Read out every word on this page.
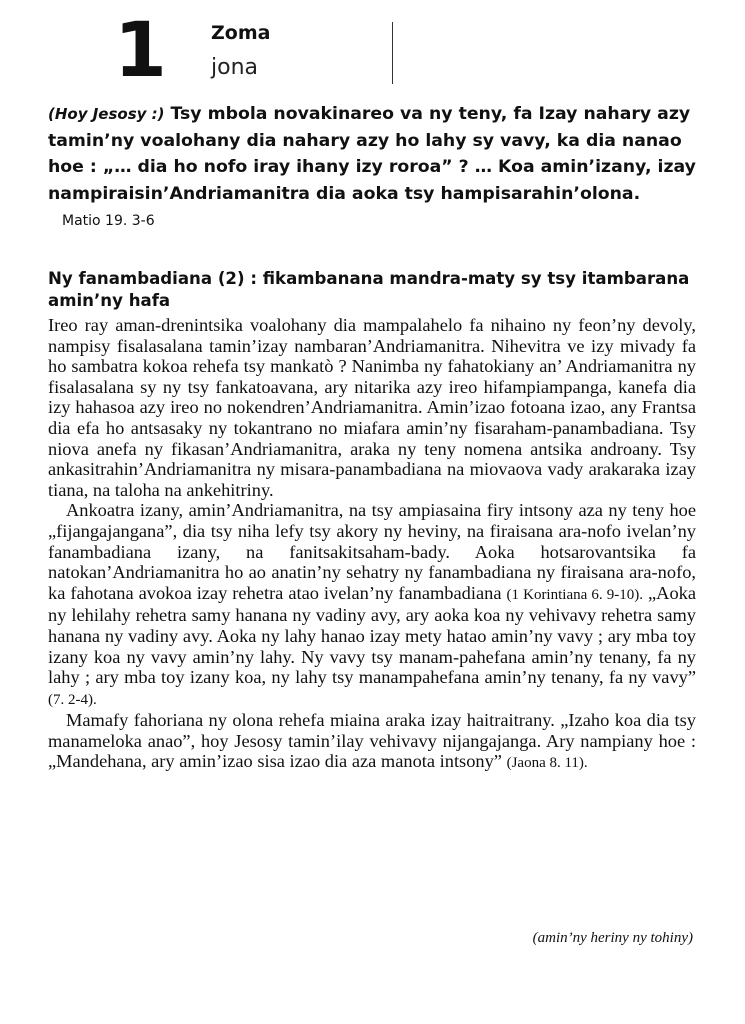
1 Zoma
jona
(Hoy Jesosy :) Tsy mbola novakinareo va ny teny, fa Izay nahary azy tamin’ny voalohany dia nahary azy ho lahy sy vavy, ka dia nanao hoe : „… dia ho nofo iray ihany izy roroa” ? … Koa amin’izany, izay nampiraisin’Andriamanitra dia aoka tsy hampisarahin’olona. Matio 19. 3-6
Ny fanambadiana (2) : fikambanana mandra-maty sy tsy itambarana amin’ny hafa

Ireo ray aman-drenintsika voalohany dia mampalahelo fa nihaino ny feon’ny devoly, nampisy fisalasalana tamin’izay nambaran’Andriamanitra. Nihevitra ve izy mivady fa ho sambatra kokoa rehefa tsy mankatò ? Nanimba ny fahatokiany an’ Andriamanitra ny fisalasalana sy ny tsy fankatoavana, ary nitarika azy ireo hifampiampanga, kanefa dia izy hahasoa azy ireo no nokendren’Andriamanitra. Amin’izao fotoana izao, any Frantsa dia efa ho antsasaky ny tokantrano no miafara amin’ny fisaraham-panambadiana. Tsy niova anefa ny fikasan’Andriamanitra, araka ny teny nomena antsika androany. Tsy ankasitrahin’Andriamanitra ny misara-panambadiana na miovaova vady arakaraka izay tiana, na taloha na ankehitriny.

Ankoatra izany, amin’Andriamanitra, na tsy ampiasaina firy intsony aza ny teny hoe „fijangajangana”, dia tsy niha lefy tsy akory ny heviny, na firaisana ara-nofo ivelan’ny fanambadiana izany, na fanitsakitsaham-bady. Aoka hotsarovantsika fa natokan’Andriamanitra ho ao anatin’ny sehatry ny fanambadiana ny firaisana ara-nofo, ka fahotana avokoa izay rehetra atao ivelan’ny fanambadiana (1 Korintiana 6. 9-10). „Aoka ny lehilahy rehetra samy hanana ny vadiny avy, ary aoka koa ny vehivavy rehetra samy hanana ny vadiny avy. Aoka ny lahy hanao izay mety hatao amin’ny vavy ; ary mba toy izany koa ny vavy amin’ny lahy. Ny vavy tsy manam-pahefana amin’ny tenany, fa ny lahy ; ary mba toy izany koa, ny lahy tsy manampahefana amin’ny tenany, fa ny vavy” (7. 2-4).

Mamafy fahoriana ny olona rehefa miaina araka izay haitraitrany. „Izaho koa dia tsy manameloka anao”, hoy Jesosy tamin’ilay vehivavy nijangajanga. Ary nampiany hoe : „Mandehana, ary amin’izao sisa izao dia aza manota intsony” (Jaona 8. 11).

(amin’ny heriny ny tohiny)
